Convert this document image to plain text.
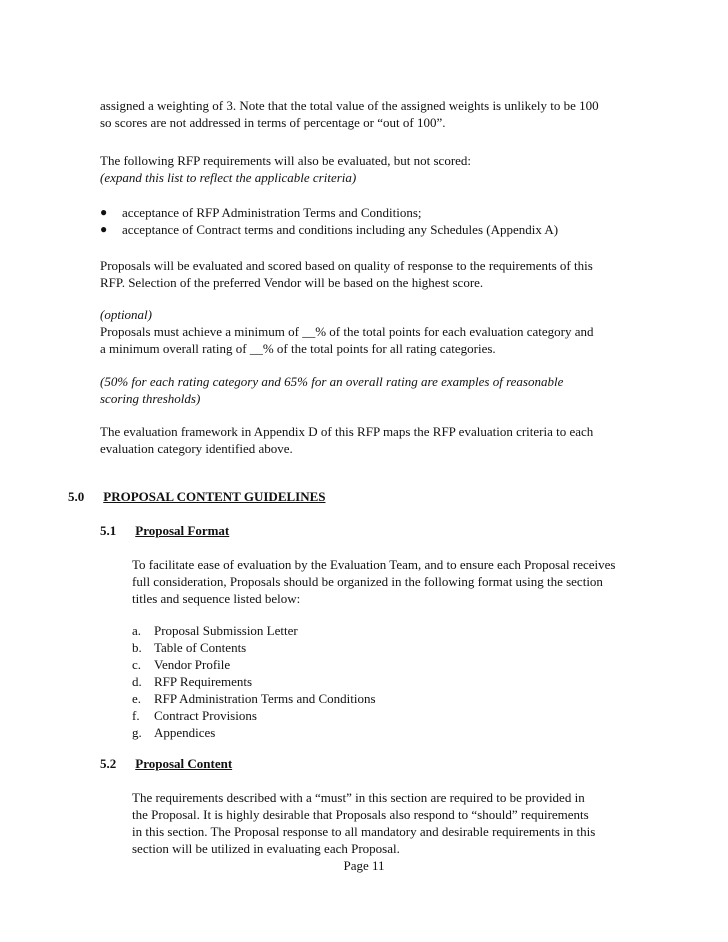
assigned a weighting of 3. Note that the total value of the assigned weights is unlikely to be 100
so scores are not addressed in terms of percentage or “out of 100”.
The following RFP requirements will also be evaluated, but not scored:
(expand this list to reflect the applicable criteria)
● acceptance of RFP Administration Terms and Conditions;
● acceptance of Contract terms and conditions including any Schedules (Appendix A)
Proposals will be evaluated and scored based on quality of response to the requirements of this
RFP. Selection of the preferred Vendor will be based on the highest score.
(optional)
Proposals must achieve a minimum of __% of the total points for each evaluation category and
a minimum overall rating of __% of the total points for all rating categories.
(50% for each rating category and 65% for an overall rating are examples of reasonable
scoring thresholds)
The evaluation framework in Appendix D of this RFP maps the RFP evaluation criteria to each
evaluation category identified above.
5.0 PROPOSAL CONTENT GUIDELINES
5.1 Proposal Format
To facilitate ease of evaluation by the Evaluation Team, and to ensure each Proposal receives
full consideration, Proposals should be organized in the following format using the section
titles and sequence listed below:
a. Proposal Submission Letter
b. Table of Contents
c. Vendor Profile
d. RFP Requirements
e. RFP Administration Terms and Conditions
f. Contract Provisions
g. Appendices
5.2 Proposal Content
The requirements described with a “must” in this section are required to be provided in
the Proposal. It is highly desirable that Proposals also respond to “should” requirements
in this section. The Proposal response to all mandatory and desirable requirements in this
section will be utilized in evaluating each Proposal.
Page 11
